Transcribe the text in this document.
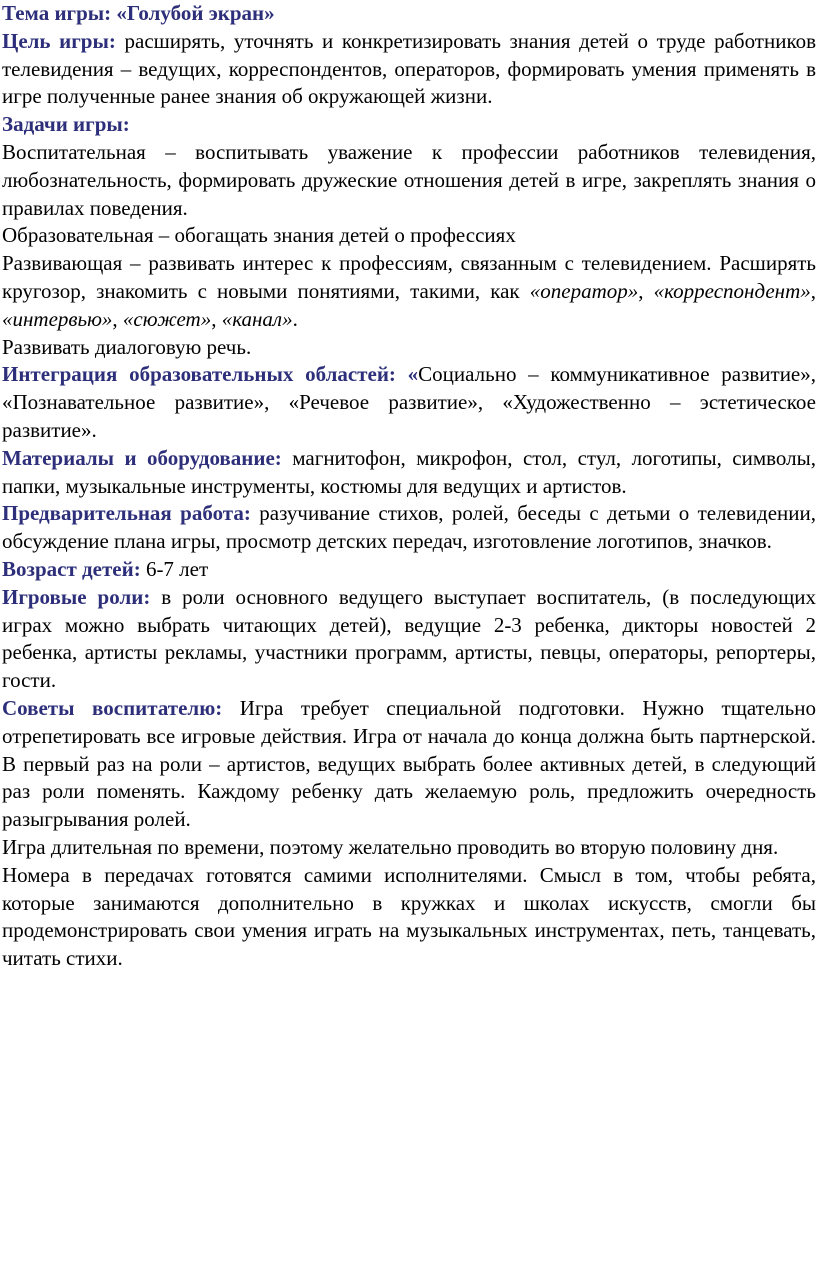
Тема игры: «Голубой экран»

Цель игры: расширять, уточнять и конкретизировать знания детей о труде работников телевидения – ведущих, корреспондентов, операторов, формировать умения применять в игре полученные ранее знания об окружающей жизни.

Задачи игры:

Воспитательная – воспитывать уважение к профессии работников телевидения, любознательность, формировать дружеские отношения детей в игре, закреплять знания о правилах поведения.

Образовательная – обогащать знания детей о профессиях

Развивающая – развивать интерес к профессиям, связанным с телевидением. Расширять кругозор, знакомить с новыми понятиями, такими, как «оператор», «корреспондент», «интервью», «сюжет», «канал».

Развивать диалоговую речь.

Интеграция образовательных областей: «Социально – коммуникативное развитие», «Познавательное развитие», «Речевое развитие», «Художественно – эстетическое развитие».

Материалы и оборудование: магнитофон, микрофон, стол, стул, логотипы, символы, папки, музыкальные инструменты, костюмы для ведущих и артистов.

Предварительная работа: разучивание стихов, ролей, беседы с детьми о телевидении, обсуждение плана игры, просмотр детских передач, изготовление логотипов, значков.

Возраст детей: 6-7 лет

Игровые роли: в роли основного ведущего выступает воспитатель, (в последующих играх можно выбрать читающих детей), ведущие 2-3 ребенка, дикторы новостей 2 ребенка, артисты рекламы, участники программ, артисты, певцы, операторы, репортеры, гости.

Советы воспитателю: Игра требует специальной подготовки. Нужно тщательно отрепетировать все игровые действия. Игра от начала до конца должна быть партнерской. В первый раз на роли – артистов, ведущих выбрать более активных детей, в следующий раз роли поменять. Каждому ребенку дать желаемую роль, предложить очередность разыгрывания ролей.

Игра длительная по времени, поэтому желательно проводить во вторую половину дня.

Номера в передачах готовятся самими исполнителями. Смысл в том, чтобы ребята, которые занимаются дополнительно в кружках и школах искусств, смогли бы продемонстрировать свои умения играть на музыкальных инструментах, петь, танцевать, читать стихи.
